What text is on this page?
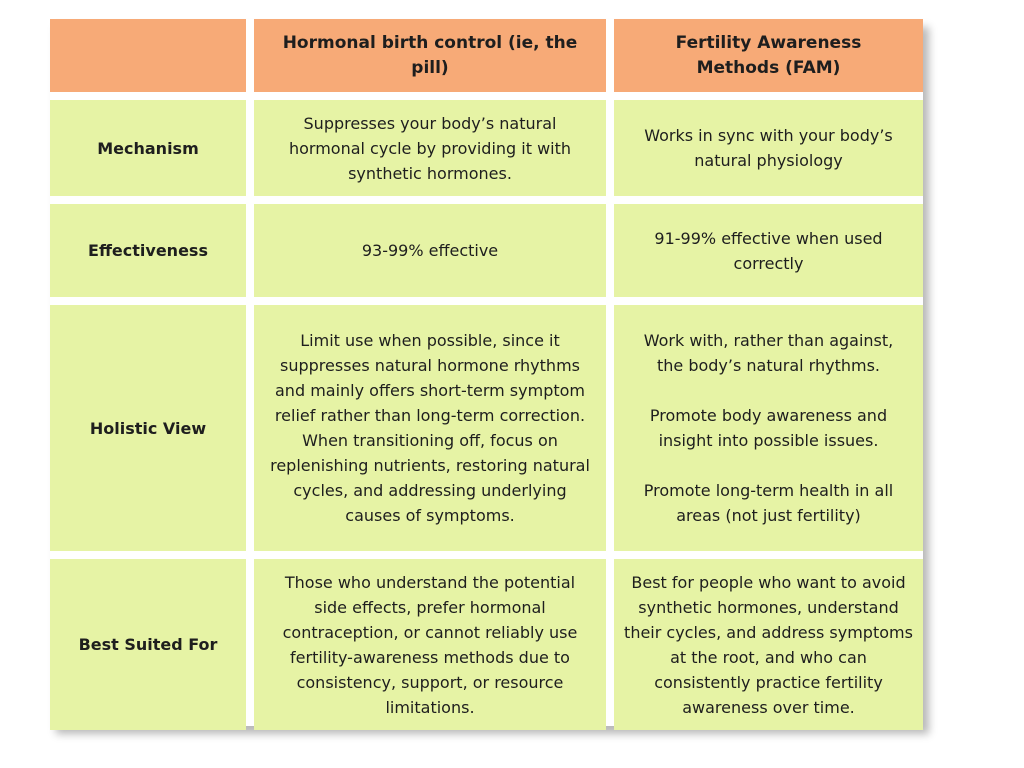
Hormonal birth control (ie, the pill)
Fertility Awareness Methods (FAM)
Mechanism
Suppresses your body’s natural hormonal cycle by providing it with synthetic hormones.
Works in sync with your body’s natural physiology
Effectiveness	93-99% effective
91-99% effective when used correctly
Holistic View
Limit use when possible, since it suppresses natural hormone rhythms and mainly offers short-term symptom relief rather than long-term correction. When transitioning off, focus on replenishing nutrients, restoring natural cycles, and addressing underlying causes of symptoms.
Work with, rather than against, the body’s natural rhythms.
Promote body awareness and insight into possible issues.
Promote long-term health in all areas (not just fertility)
Best Suited For
Those who understand the potential side effects, prefer hormonal contraception, or cannot reliably use fertility-awareness methods due to consistency, support, or resource limitations.
Best for people who want to avoid synthetic hormones, understand their cycles, and address symptoms at the root, and who can consistently practice fertility awareness over time.
